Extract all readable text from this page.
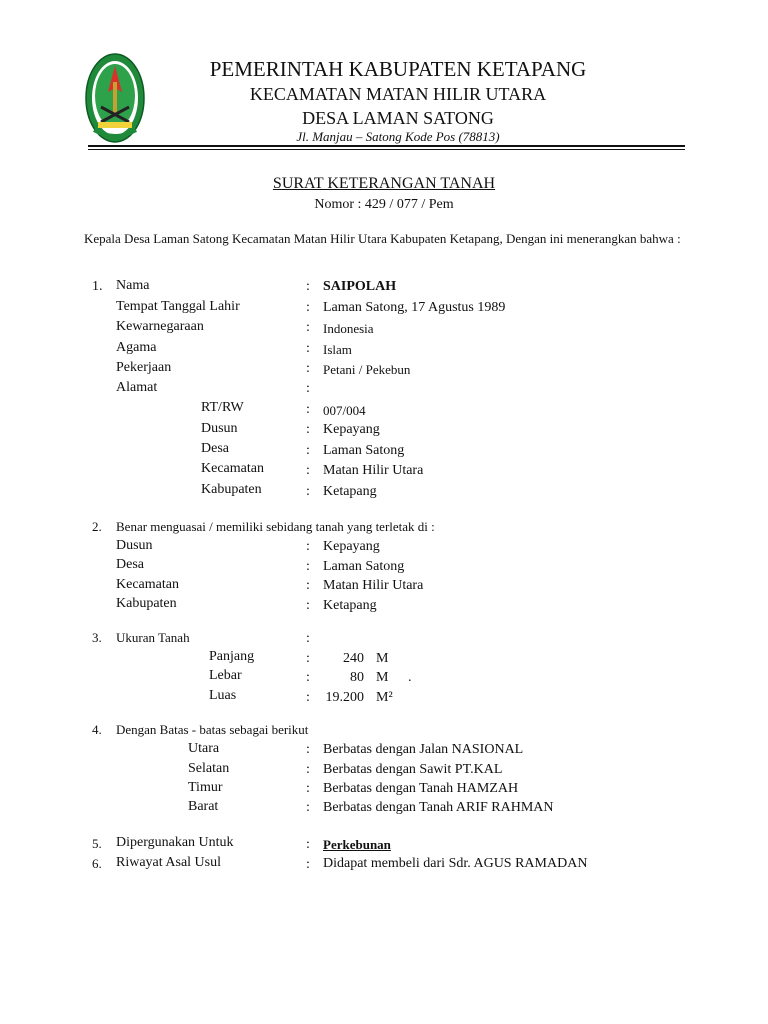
PEMERINTAH KABUPATEN KETAPANG
KECAMATAN MATAN HILIR UTARA
DESA LAMAN SATONG
Jl. Manjau – Satong Kode Pos (78813)
SURAT KETERANGAN TANAH
Nomor : 429 / 077 / Pem
Kepala Desa Laman Satong Kecamatan Matan Hilir Utara Kabupaten Ketapang, Dengan ini menerangkan bahwa :
1. Nama	: SAIPOLAH
Tempat Tanggal Lahir	: Laman Satong, 17 Agustus 1989
Kewarnegaraan	: Indonesia
Agama	: Islam
Pekerjaan	: Petani / Pekebun
Alamat	:
RT/RW	: 007/004
Dusun	: Kepayang
Desa	: Laman Satong
Kecamatan	: Matan Hilir Utara
Kabupaten	: Ketapang
2. Benar menguasai / memiliki sebidang tanah yang terletak di :
Dusun	: Kepayang
Desa	: Laman Satong
Kecamatan	: Matan Hilir Utara
Kabupaten	: Ketapang
3. Ukuran Tanah	:
Panjang	:	240 M
Lebar	:	80 M .
Luas	:	19.200 M²
4. Dengan Batas - batas sebagai berikut
Utara	: Berbatas dengan Jalan NASIONAL
Selatan	: Berbatas dengan Sawit PT.KAL
Timur	: Berbatas dengan Tanah HAMZAH
Barat	: Berbatas dengan Tanah ARIF RAHMAN
5. Dipergunakan Untuk	: Perkebunan
6. Riwayat Asal Usul	: Didapat membeli dari Sdr. AGUS RAMADAN
